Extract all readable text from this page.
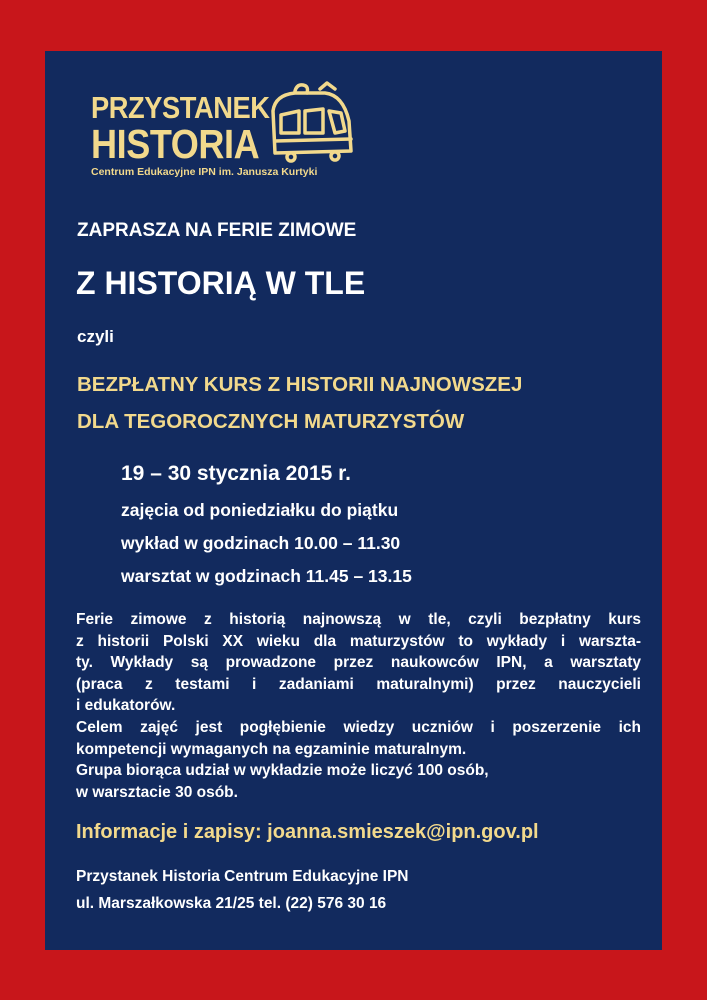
PRZYSTANEK
HISTORIA
Centrum Edukacyjne IPN im. Janusza Kurtyki
ZAPRASZA NA FERIE ZIMOWE
Z HISTORIĄ W TLE
czyli
BEZPŁATNY KURS Z HISTORII NAJNOWSZEJ
DLA TEGOROCZNYCH MATURZYSTÓW
19 – 30 stycznia 2015 r.
zajęcia od poniedziałku do piątku
wykład w godzinach 10.00 – 11.30
warsztat w godzinach 11.45 – 13.15

Ferie zimowe z historią najnowszą w tle, czyli bezpłatny kurs

z historii Polski XX wieku dla maturzystów to wykłady i warszta-

ty. Wykłady są prowadzone przez naukowców IPN, a warsztaty

(praca z testami i zadaniami maturalnymi) przez nauczycieli

i edukatorów.

Celem zajęć jest pogłębienie wiedzy uczniów i poszerzenie ich

kompetencji wymaganych na egzaminie maturalnym.

Grupa biorąca udział w wykładzie może liczyć 100 osób,

w warsztacie 30 osób.

Informacje i zapisy: joanna.smieszek@ipn.gov.pl
Przystanek Historia Centrum Edukacyjne IPN
ul. Marszałkowska 21/25 tel. (22) 576 30 16
